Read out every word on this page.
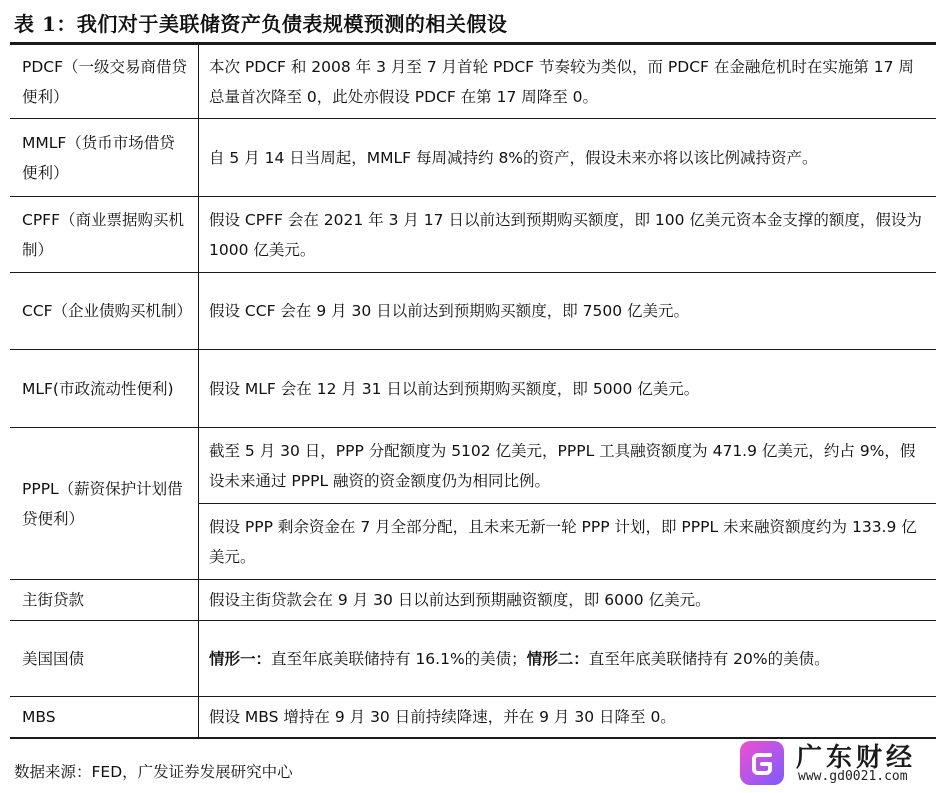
表 1：我们对于美联储资产负债表规模预测的相关假设
PDCF（一级交易商借贷便利）	本次 PDCF 和 2008 年 3 月至 7 月首轮 PDCF 节奏较为类似，而 PDCF 在金融危机时在实施第 17 周总量首次降至 0，此处亦假设 PDCF 在第 17 周降至 0。
MMLF（货币市场借贷便利）	自 5 月 14 日当周起，MMLF 每周减持约 8%的资产，假设未来亦将以该比例减持资产。
CPFF（商业票据购买机制）	假设 CPFF 会在 2021 年 3 月 17 日以前达到预期购买额度，即 100 亿美元资本金支撑的额度，假设为 1000 亿美元。
CCF（企业债购买机制）	假设 CCF 会在 9 月 30 日以前达到预期购买额度，即 7500 亿美元。
MLF(市政流动性便利)	假设 MLF 会在 12 月 31 日以前达到预期购买额度，即 5000 亿美元。
PPPL（薪资保护计划借贷便利）	截至 5 月 30 日，PPP 分配额度为 5102 亿美元，PPPL 工具融资额度为 471.9 亿美元，约占 9%，假设未来通过 PPPL 融资的资金额度仍为相同比例。
	假设 PPP 剩余资金在 7 月全部分配，且未来无新一轮 PPP 计划，即 PPPL 未来融资额度约为 133.9 亿美元。
主街贷款	假设主街贷款会在 9 月 30 日以前达到预期融资额度，即 6000 亿美元。
美国国债	情形一：直至年底美联储持有 16.1%的美债；情形二：直至年底美联储持有 20%的美债。
MBS	假设 MBS 增持在 9 月 30 日前持续降速，并在 9 月 30 日降至 0。
数据来源：FED，广发证券发展研究中心	广东财经
www.gd0021.com
